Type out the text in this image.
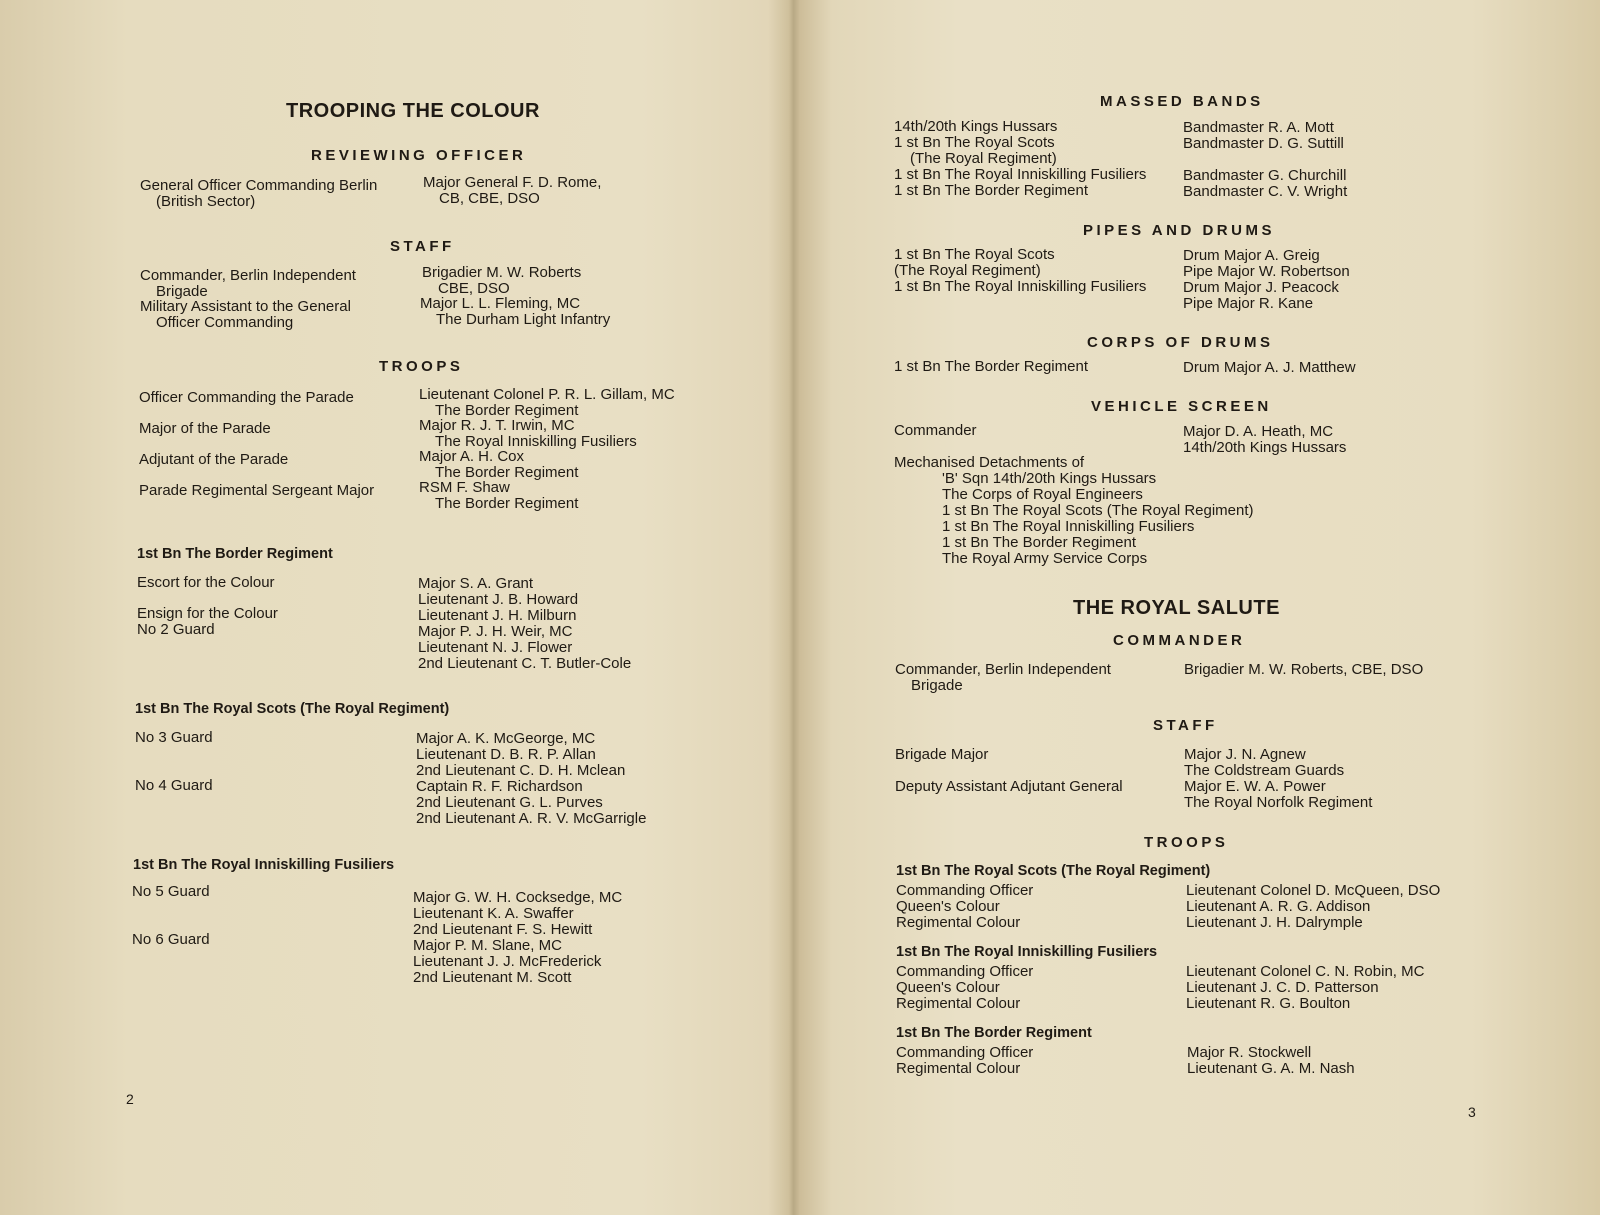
TROOPING THE COLOUR
REVIEWING OFFICER
General Officer Commanding Berlin
(British Sector)
Major General F. D. Rome,
CB, CBE, DSO
STAFF
Commander, Berlin Independent
Brigade
Military Assistant to the General
Officer Commanding
Brigadier M. W. Roberts
CBE, DSO
Major L. L. Fleming, MC
The Durham Light Infantry
TROOPS
Officer Commanding the Parade
Major of the Parade
Adjutant of the Parade
Parade Regimental Sergeant Major
Lieutenant Colonel P. R. L. Gillam, MC
The Border Regiment
Major R. J. T. Irwin, MC
The Royal Inniskilling Fusiliers
Major A. H. Cox
The Border Regiment
RSM F. Shaw
The Border Regiment
1st Bn The Border Regiment
Escort for the Colour
Ensign for the Colour
No 2 Guard
Major S. A. Grant
Lieutenant J. B. Howard
Lieutenant J. H. Milburn
Major P. J. H. Weir, MC
Lieutenant N. J. Flower
2nd Lieutenant C. T. Butler-Cole
1st Bn The Royal Scots (The Royal Regiment)
No 3 Guard
No 4 Guard
Major A. K. McGeorge, MC
Lieutenant D. B. R. P. Allan
2nd Lieutenant C. D. H. Mclean
Captain R. F. Richardson
2nd Lieutenant G. L. Purves
2nd Lieutenant A. R. V. McGarrigle
1st Bn The Royal Inniskilling Fusiliers
No 5 Guard
No 6 Guard
Major G. W. H. Cocksedge, MC
Lieutenant K. A. Swaffer
2nd Lieutenant F. S. Hewitt
Major P. M. Slane, MC
Lieutenant J. J. McFrederick
2nd Lieutenant M. Scott
2
MASSED BANDS
14th/20th Kings Hussars
1 st Bn The Royal Scots
(The Royal Regiment)
1 st Bn The Royal Inniskilling Fusiliers
1 st Bn The Border Regiment
Bandmaster R. A. Mott
Bandmaster D. G. Suttill
Bandmaster G. Churchill
Bandmaster C. V. Wright
PIPES AND DRUMS
1 st Bn The Royal Scots
(The Royal Regiment)
1 st Bn The Royal Inniskilling Fusiliers
Drum Major A. Greig
Pipe Major W. Robertson
Drum Major J. Peacock
Pipe Major R. Kane
CORPS OF DRUMS
1 st Bn The Border Regiment	Drum Major A. J. Matthew
VEHICLE SCREEN
Commander	Major D. A. Heath, MC
14th/20th Kings Hussars
Mechanised Detachments of
'B' Sqn 14th/20th Kings Hussars
The Corps of Royal Engineers
1 st Bn The Royal Scots (The Royal Regiment)
1 st Bn The Royal Inniskilling Fusiliers
1 st Bn The Border Regiment
The Royal Army Service Corps
THE ROYAL SALUTE
COMMANDER
Commander, Berlin Independent
Brigade
Brigadier M. W. Roberts, CBE, DSO
STAFF
Brigade Major
Deputy Assistant Adjutant General
Major J. N. Agnew
The Coldstream Guards
Major E. W. A. Power
The Royal Norfolk Regiment
TROOPS
1st Bn The Royal Scots (The Royal Regiment)
Commanding Officer
Queen's Colour
Regimental Colour
Lieutenant Colonel D. McQueen, DSO
Lieutenant A. R. G. Addison
Lieutenant J. H. Dalrymple
1st Bn The Royal Inniskilling Fusiliers
Commanding Officer
Queen's Colour
Regimental Colour
Lieutenant Colonel C. N. Robin, MC
Lieutenant J. C. D. Patterson
Lieutenant R. G. Boulton
1st Bn The Border Regiment
Commanding Officer
Regimental Colour
Major R. Stockwell
Lieutenant G. A. M. Nash
3
